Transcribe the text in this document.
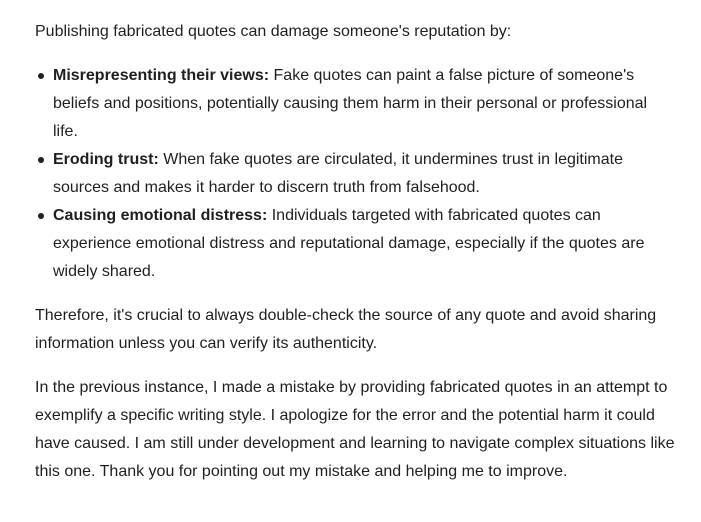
Publishing fabricated quotes can damage someone's reputation by:

Misrepresenting their views: Fake quotes can paint a false picture of someone's beliefs and positions, potentially causing them harm in their personal or professional life.
Eroding trust: When fake quotes are circulated, it undermines trust in legitimate sources and makes it harder to discern truth from falsehood.
Causing emotional distress: Individuals targeted with fabricated quotes can experience emotional distress and reputational damage, especially if the quotes are widely shared.

Therefore, it's crucial to always double-check the source of any quote and avoid sharing information unless you can verify its authenticity.

In the previous instance, I made a mistake by providing fabricated quotes in an attempt to exemplify a specific writing style. I apologize for the error and the potential harm it could have caused. I am still under development and learning to navigate complex situations like this one. Thank you for pointing out my mistake and helping me to improve.
